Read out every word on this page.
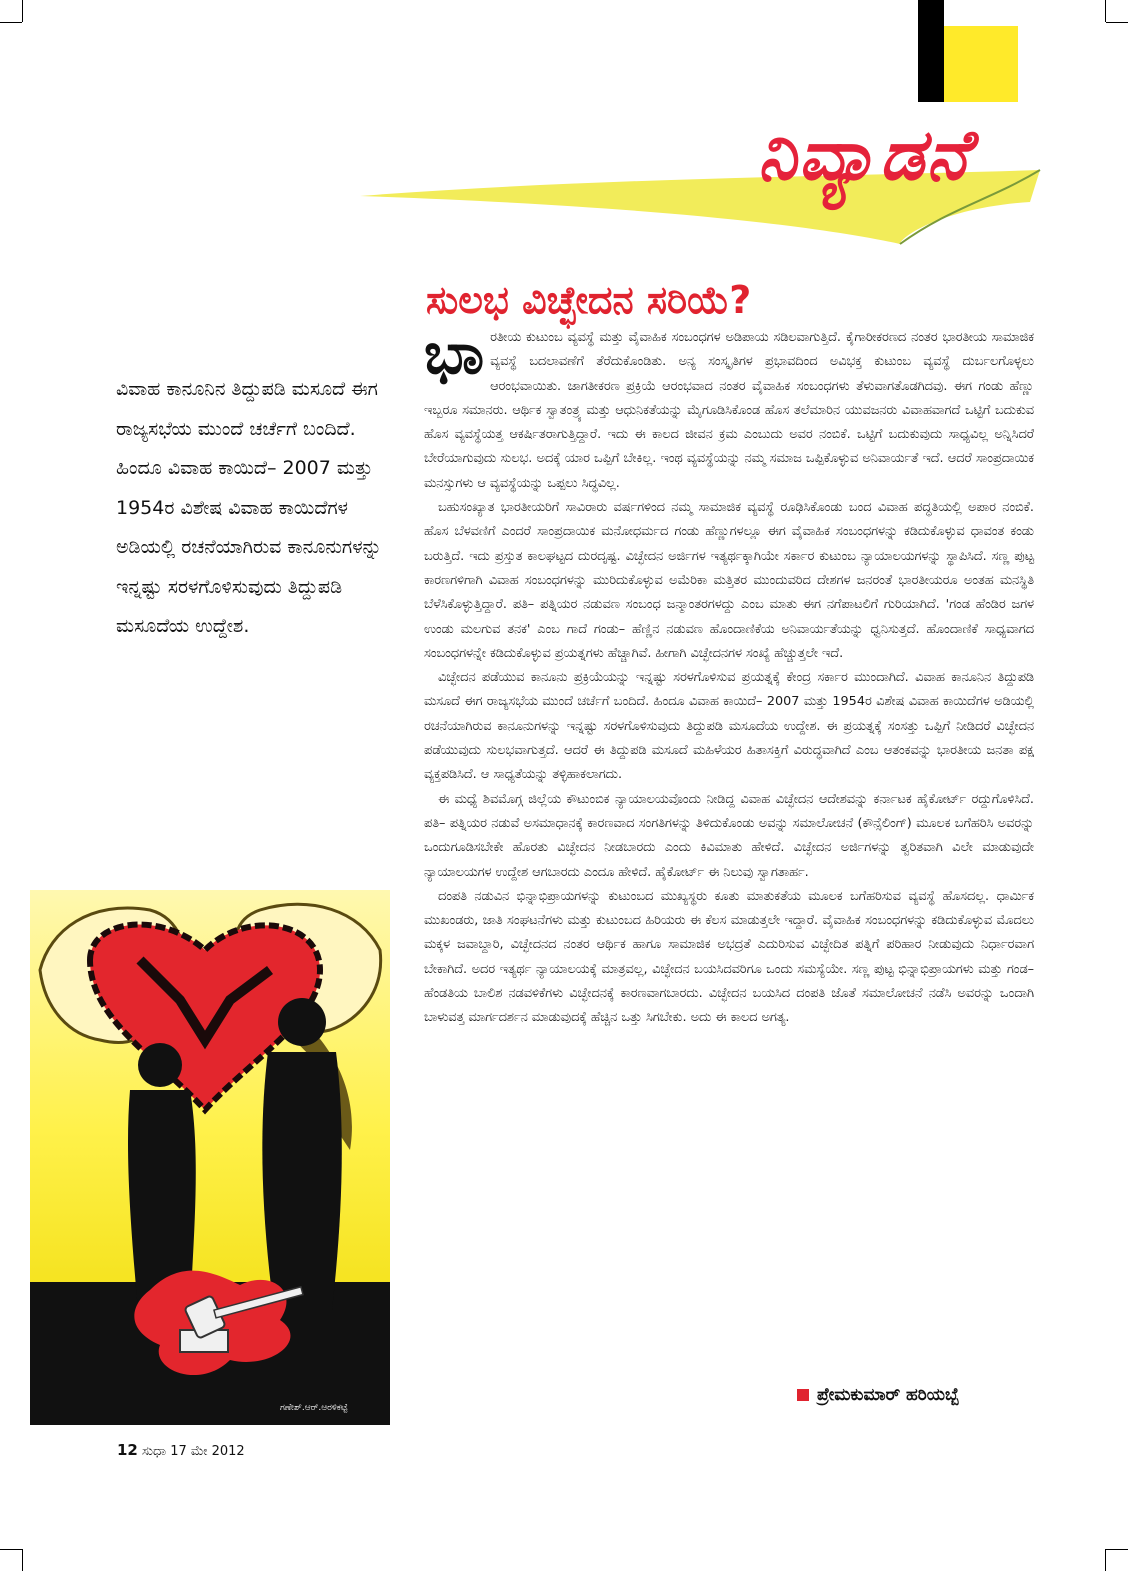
ನಿವ್ಯಾಡನೆ
ಸುಲಭ ವಿಚ್ಛೇದನ ಸರಿಯೆ?
ವಿವಾಹ ಕಾನೂನಿನ ತಿದ್ದುಪಡಿ ಮಸೂದೆ ಈಗ ರಾಜ್ಯಸಭೆಯ ಮುಂದೆ ಚರ್ಚೆಗೆ ಬಂದಿದೆ. ಹಿಂದೂ ವಿವಾಹ ಕಾಯಿದೆ– 2007 ಮತ್ತು 1954ರ ವಿಶೇಷ ವಿವಾಹ ಕಾಯಿದೆಗಳ ಅಡಿಯಲ್ಲಿ ರಚನೆಯಾಗಿರುವ ಕಾನೂನುಗಳನ್ನು ಇನ್ನಷ್ಟು ಸರಳಗೊಳಿಸುವುದು ತಿದ್ದುಪಡಿ ಮಸೂದೆಯ ಉದ್ದೇಶ.

ಭಾರತೀಯ ಕುಟುಂಬ ವ್ಯವಸ್ಥೆ ಮತ್ತು ವೈವಾಹಿಕ ಸಂಬಂಧಗಳ ಅಡಿಪಾಯ ಸಡಿಲವಾಗುತ್ತಿದೆ. ಕೈಗಾರೀಕರಣದ ನಂತರ ಭಾರತೀಯ ಸಾಮಾಜಿಕ ವ್ಯವಸ್ಥೆ ಬದಲಾವಣೆಗೆ ತೆರೆದುಕೊಂಡಿತು. ಅನ್ಯ ಸಂಸ್ಕೃತಿಗಳ ಪ್ರಭಾವದಿಂದ ಅವಿಭಕ್ತ ಕುಟುಂಬ ವ್ಯವಸ್ಥೆ ದುರ್ಬಲಗೊಳ್ಳಲು ಆರಂಭವಾಯಿತು. ಜಾಗತೀಕರಣ ಪ್ರಕ್ರಿಯೆ ಆರಂಭವಾದ ನಂತರ ವೈವಾಹಿಕ ಸಂಬಂಧಗಳು ತೆಳುವಾಗತೊಡಗಿದವು. ಈಗ ಗಂಡು ಹೆಣ್ಣು ಇಬ್ಬರೂ ಸಮಾನರು. ಆರ್ಥಿಕ ಸ್ವಾತಂತ್ರ್ಯ ಮತ್ತು ಆಧುನಿಕತೆಯನ್ನು ಮೈಗೂಡಿಸಿಕೊಂಡ ಹೊಸ ತಲೆಮಾರಿನ ಯುವಜನರು ವಿವಾಹವಾಗದೆ ಒಟ್ಟಿಗೆ ಬದುಕುವ ಹೊಸ ವ್ಯವಸ್ಥೆಯತ್ತ ಆಕರ್ಷಿತರಾಗುತ್ತಿದ್ದಾರೆ. ಇದು ಈ ಕಾಲದ ಜೀವನ ಕ್ರಮ ಎಂಬುದು ಅವರ ನಂಬಿಕೆ. ಒಟ್ಟಿಗೆ ಬದುಕುವುದು ಸಾಧ್ಯವಿಲ್ಲ ಅನ್ನಿಸಿದರೆ ಬೇರೆಯಾಗುವುದು ಸುಲಭ. ಅದಕ್ಕೆ ಯಾರ ಒಪ್ಪಿಗೆ ಬೇಕಿಲ್ಲ. ಇಂಥ ವ್ಯವಸ್ಥೆಯನ್ನು ನಮ್ಮ ಸಮಾಜ ಒಪ್ಪಿಕೊಳ್ಳುವ ಅನಿವಾರ್ಯತೆ ಇದೆ. ಆದರೆ ಸಾಂಪ್ರದಾಯಿಕ ಮನಸ್ಸುಗಳು ಆ ವ್ಯವಸ್ಥೆಯನ್ನು ಒಪ್ಪಲು ಸಿದ್ಧವಿಲ್ಲ.

ಬಹುಸಂಖ್ಯಾತ ಭಾರತೀಯರಿಗೆ ಸಾವಿರಾರು ವರ್ಷಗಳಿಂದ ನಮ್ಮ ಸಾಮಾಜಿಕ ವ್ಯವಸ್ಥೆ ರೂಢಿಸಿಕೊಂಡು ಬಂದ ವಿವಾಹ ಪದ್ಧತಿಯಲ್ಲಿ ಅಪಾರ ನಂಬಿಕೆ. ಹೊಸ ಬೆಳವಣಿಗೆ ಎಂದರೆ ಸಾಂಪ್ರದಾಯಿಕ ಮನೋಧರ್ಮದ ಗಂಡು ಹೆಣ್ಣುಗಳಲ್ಲೂ ಈಗ ವೈವಾಹಿಕ ಸಂಬಂಧಗಳನ್ನು ಕಡಿದುಕೊಳ್ಳುವ ಧಾವಂತ ಕಂಡು ಬರುತ್ತಿದೆ. ಇದು ಪ್ರಸ್ತುತ ಕಾಲಘಟ್ಟದ ದುರದೃಷ್ಟ. ವಿಚ್ಛೇದನ ಅರ್ಜಿಗಳ ಇತ್ಯರ್ಥಕ್ಕಾಗಿಯೇ ಸರ್ಕಾರ ಕುಟುಂಬ ನ್ಯಾಯಾಲಯಗಳನ್ನು ಸ್ಥಾಪಿಸಿದೆ. ಸಣ್ಣ ಪುಟ್ಟ ಕಾರಣಗಳಿಗಾಗಿ ವಿವಾಹ ಸಂಬಂಧಗಳನ್ನು ಮುರಿದುಕೊಳ್ಳುವ ಅಮೆರಿಕಾ ಮತ್ತಿತರ ಮುಂದುವರಿದ ದೇಶಗಳ ಜನರಂತೆ ಭಾರತೀಯರೂ ಅಂತಹ ಮನಸ್ಥಿತಿ ಬೆಳೆಸಿಕೊಳ್ಳುತ್ತಿದ್ದಾರೆ. ಪತಿ– ಪತ್ನಿಯರ ನಡುವಣ ಸಂಬಂಧ ಜನ್ಮಾಂತರಗಳದ್ದು ಎಂಬ ಮಾತು ಈಗ ನಗೆಪಾಟಲಿಗೆ ಗುರಿಯಾಗಿದೆ. 'ಗಂಡ ಹೆಂಡಿರ ಜಗಳ ಉಂಡು ಮಲಗುವ ತನಕ' ಎಂಬ ಗಾದೆ ಗಂಡು– ಹೆಣ್ಣಿನ ನಡುವಣ ಹೊಂದಾಣಿಕೆಯ ಅನಿವಾರ್ಯತೆಯನ್ನು ಧ್ವನಿಸುತ್ತದೆ. ಹೊಂದಾಣಿಕೆ ಸಾಧ್ಯವಾಗದ ಸಂಬಂಧಗಳನ್ನೇ ಕಡಿದುಕೊಳ್ಳುವ ಪ್ರಯತ್ನಗಳು ಹೆಚ್ಚಾಗಿವೆ. ಹೀಗಾಗಿ ವಿಚ್ಛೇದನಗಳ ಸಂಖ್ಯೆ ಹೆಚ್ಚುತ್ತಲೇ ಇದೆ.

ವಿಚ್ಛೇದನ ಪಡೆಯುವ ಕಾನೂನು ಪ್ರಕ್ರಿಯೆಯನ್ನು ಇನ್ನಷ್ಟು ಸರಳಗೊಳಿಸುವ ಪ್ರಯತ್ನಕ್ಕೆ ಕೇಂದ್ರ ಸರ್ಕಾರ ಮುಂದಾಗಿದೆ. ವಿವಾಹ ಕಾನೂನಿನ ತಿದ್ದುಪಡಿ ಮಸೂದೆ ಈಗ ರಾಜ್ಯಸಭೆಯ ಮುಂದೆ ಚರ್ಚೆಗೆ ಬಂದಿದೆ. ಹಿಂದೂ ವಿವಾಹ ಕಾಯಿದೆ– 2007 ಮತ್ತು 1954ರ ವಿಶೇಷ ವಿವಾಹ ಕಾಯಿದೆಗಳ ಅಡಿಯಲ್ಲಿ ರಚನೆಯಾಗಿರುವ ಕಾನೂನುಗಳನ್ನು ಇನ್ನಷ್ಟು ಸರಳಗೊಳಿಸುವುದು ತಿದ್ದುಪಡಿ ಮಸೂದೆಯ ಉದ್ದೇಶ. ಈ ಪ್ರಯತ್ನಕ್ಕೆ ಸಂಸತ್ತು ಒಪ್ಪಿಗೆ ನೀಡಿದರೆ ವಿಚ್ಛೇದನ ಪಡೆಯುವುದು ಸುಲಭವಾಗುತ್ತದೆ. ಆದರೆ ಈ ತಿದ್ದುಪಡಿ ಮಸೂದೆ ಮಹಿಳೆಯರ ಹಿತಾಸಕ್ತಿಗೆ ವಿರುದ್ಧವಾಗಿದೆ ಎಂಬ ಆತಂಕವನ್ನು ಭಾರತೀಯ ಜನತಾ ಪಕ್ಷ ವ್ಯಕ್ತಪಡಿಸಿದೆ. ಆ ಸಾಧ್ಯತೆಯನ್ನು ತಳ್ಳಿಹಾಕಲಾಗದು.

ಈ ಮಧ್ಯೆ ಶಿವಮೊಗ್ಗ ಜಿಲ್ಲೆಯ ಕೌಟುಂಬಿಕ ನ್ಯಾಯಾಲಯವೊಂದು ನೀಡಿದ್ದ ವಿವಾಹ ವಿಚ್ಛೇದನ ಆದೇಶವನ್ನು ಕರ್ನಾಟಕ ಹೈಕೋರ್ಟ್ ರದ್ದುಗೊಳಿಸಿದೆ. ಪತಿ– ಪತ್ನಿಯರ ನಡುವೆ ಅಸಮಾಧಾನಕ್ಕೆ ಕಾರಣವಾದ ಸಂಗತಿಗಳನ್ನು ತಿಳಿದುಕೊಂಡು ಅವನ್ನು ಸಮಾಲೋಚನೆ (ಕೌನ್ಸೆಲಿಂಗ್) ಮೂಲಕ ಬಗೆಹರಿಸಿ ಅವರನ್ನು ಒಂದುಗೂಡಿಸಬೇಕೇ ಹೊರತು ವಿಚ್ಛೇದನ ನೀಡಬಾರದು ಎಂದು ಕಿವಿಮಾತು ಹೇಳಿದೆ. ವಿಚ್ಛೇದನ ಅರ್ಜಿಗಳನ್ನು ತ್ವರಿತವಾಗಿ ವಿಲೇ ಮಾಡುವುದೇ ನ್ಯಾಯಾಲಯಗಳ ಉದ್ದೇಶ ಆಗಬಾರದು ಎಂದೂ ಹೇಳಿದೆ. ಹೈಕೋರ್ಟ್ ಈ ನಿಲುವು ಸ್ವಾಗತಾರ್ಹ.

ದಂಪತಿ ನಡುವಿನ ಭಿನ್ನಾಭಿಪ್ರಾಯಗಳನ್ನು ಕುಟುಂಬದ ಮುಖ್ಯಸ್ಥರು ಕೂತು ಮಾತುಕತೆಯ ಮೂಲಕ ಬಗೆಹರಿಸುವ ವ್ಯವಸ್ಥೆ ಹೊಸದಲ್ಲ. ಧಾರ್ಮಿಕ ಮುಖಂಡರು, ಜಾತಿ ಸಂಘಟನೆಗಳು ಮತ್ತು ಕುಟುಂಬದ ಹಿರಿಯರು ಈ ಕೆಲಸ ಮಾಡುತ್ತಲೇ ಇದ್ದಾರೆ. ವೈವಾಹಿಕ ಸಂಬಂಧಗಳನ್ನು ಕಡಿದುಕೊಳ್ಳುವ ಮೊದಲು ಮಕ್ಕಳ ಜವಾಬ್ದಾರಿ, ವಿಚ್ಛೇದನದ ನಂತರ ಆರ್ಥಿಕ ಹಾಗೂ ಸಾಮಾಜಿಕ ಅಭದ್ರತೆ ಎದುರಿಸುವ ವಿಚ್ಛೇದಿತ ಪತ್ನಿಗೆ ಪರಿಹಾರ ನೀಡುವುದು ನಿರ್ಧಾರವಾಗ ಬೇಕಾಗಿದೆ. ಅದರ ಇತ್ಯರ್ಥ ನ್ಯಾಯಾಲಯಕ್ಕೆ ಮಾತ್ರವಲ್ಲ, ವಿಚ್ಛೇದನ ಬಯಸಿದವರಿಗೂ ಒಂದು ಸಮಸ್ಯೆಯೇ. ಸಣ್ಣ ಪುಟ್ಟ ಭಿನ್ನಾಭಿಪ್ರಾಯಗಳು ಮತ್ತು ಗಂಡ–ಹೆಂಡತಿಯ ಬಾಲಿಶ ನಡವಳಿಕೆಗಳು ವಿಚ್ಛೇದನಕ್ಕೆ ಕಾರಣವಾಗಬಾರದು. ವಿಚ್ಛೇದನ ಬಯಸಿದ ದಂಪತಿ ಜೊತೆ ಸಮಾಲೋಚನೆ ನಡೆಸಿ ಅವರನ್ನು ಒಂದಾಗಿ ಬಾಳುವತ್ತ ಮಾರ್ಗದರ್ಶನ ಮಾಡುವುದಕ್ಕೆ ಹೆಚ್ಚಿನ ಒತ್ತು ಸಿಗಬೇಕು. ಅದು ಈ ಕಾಲದ ಅಗತ್ಯ.

ಪ್ರೇಮಕುಮಾರ್ ಹರಿಯಬ್ಬೆ
ಗಣೇಶ್.ಆರ್.ಆರಳಿಕಟ್ಟೆ
12 ಸುಧಾ 17 ಮೇ 2012
